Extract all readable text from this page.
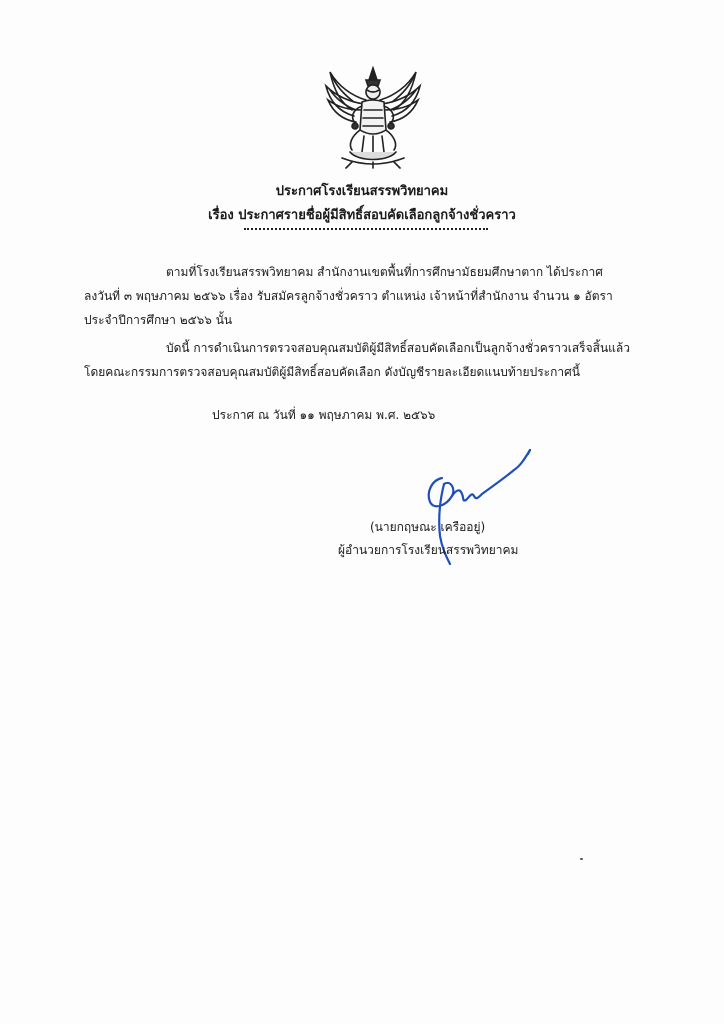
ประกาศโรงเรียนสรรพวิทยาคม
เรื่อง ประกาศรายชื่อผู้มีสิทธิ์สอบคัดเลือกลูกจ้างชั่วคราว
ตามที่โรงเรียนสรรพวิทยาคม สำนักงานเขตพื้นที่การศึกษามัธยมศึกษาตาก ได้ประกาศ
ลงวันที่ ๓ พฤษภาคม ๒๕๖๖ เรื่อง รับสมัครลูกจ้างชั่วคราว ตำแหน่ง เจ้าหน้าที่สำนักงาน จำนวน ๑ อัตรา
ประจำปีการศึกษา ๒๕๖๖ นั้น
บัดนี้ การดำเนินการตรวจสอบคุณสมบัติผู้มีสิทธิ์สอบคัดเลือกเป็นลูกจ้างชั่วคราวเสร็จสิ้นแล้ว
โดยคณะกรรมการตรวจสอบคุณสมบัติผู้มีสิทธิ์สอบคัดเลือก ดังบัญชีรายละเอียดแนบท้ายประกาศนี้
ประกาศ ณ วันที่ ๑๑ พฤษภาคม พ.ศ. ๒๕๖๖
(นายกฤษณะ เครืออยู่)
ผู้อำนวยการโรงเรียนสรรพวิทยาคม
